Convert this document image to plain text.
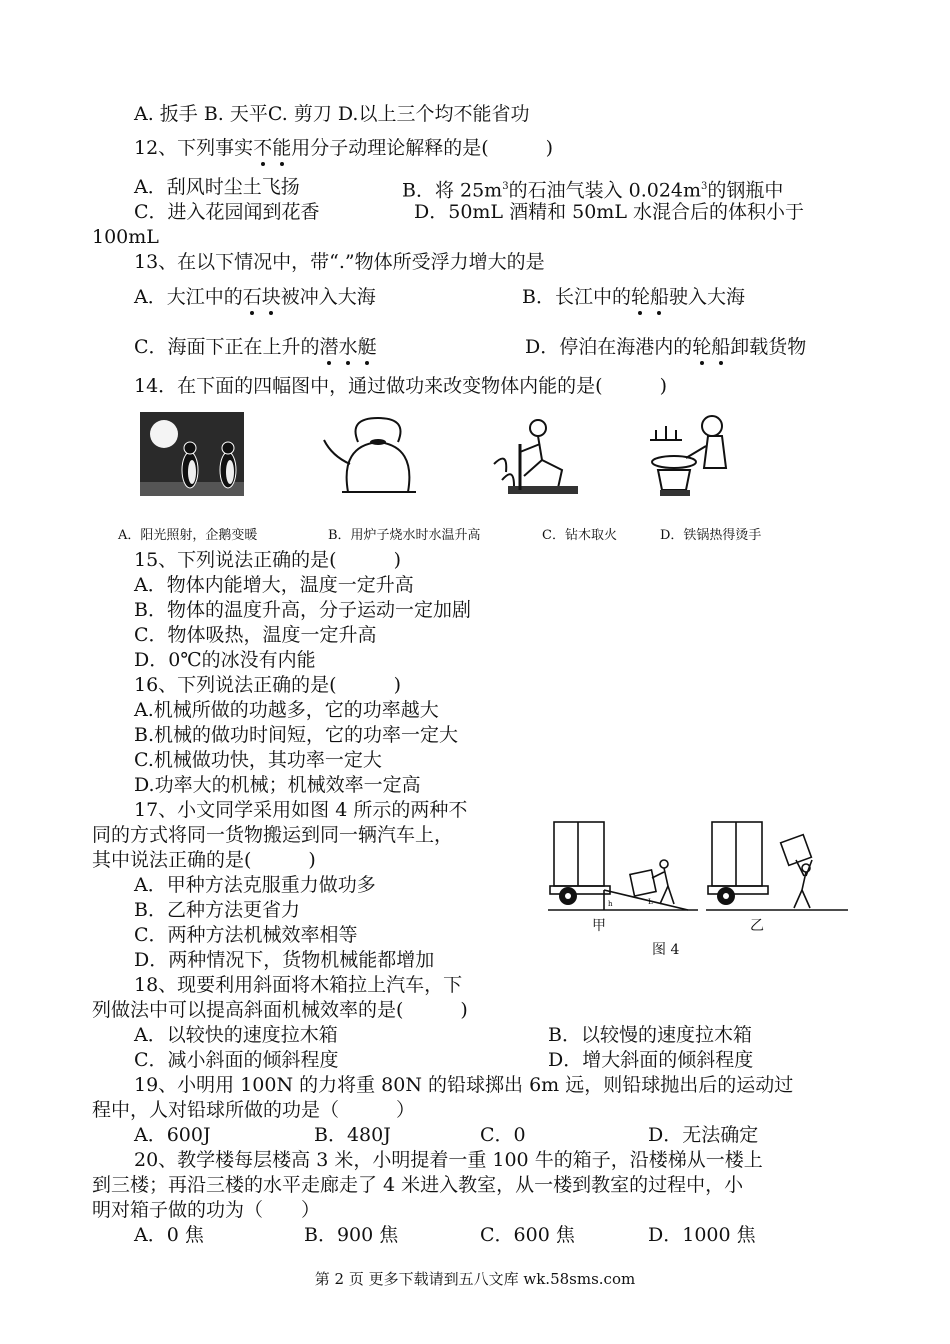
A. 扳手 B. 天平C. 剪刀 D.以上三个均不能省功
12、下列事实不能用分子动理论解释的是(　　　)
A．刮风时尘土飞扬	B．将 $25m^3$的石油气装入 $0.024m^3$的钢瓶中
C．进入花园闻到花香	D．50mL 酒精和 50mL 水混合后的体积小于
100mL
13、在以下情况中，带“.”物体所受浮力增大的是
A．大江中的石块被冲入大海	B．长江中的轮船驶入大海
C．海面下正在上升的潜水艇	D．停泊在海港内的轮船卸载货物
14．在下面的四幅图中，通过做功来改变物体内能的是(　　　)
A．阳光照射，企鹅变暖	B．用炉子烧水时水温升高	C．钻木取火	D．铁锅热得烫手
15、下列说法正确的是(　　　)
A．物体内能增大，温度一定升高
B．物体的温度升高，分子运动一定加剧
C．物体吸热，温度一定升高
D．0℃的冰没有内能
16、下列说法正确的是(　　　)
A.机械所做的功越多，它的功率越大
B.机械的做功时间短，它的功率一定大
C.机械做功快，其功率一定大
D.功率大的机械；机械效率一定高
17、小文同学采用如图 4 所示的两种不
同的方式将同一货物搬运到同一辆汽车上，
其中说法正确的是(　　　)
A．甲种方法克服重力做功多
B．乙种方法更省力
C．两种方法机械效率相等
D．两种情况下，货物机械能都增加
h	L
甲	乙
图 4
18、现要利用斜面将木箱拉上汽车，下
列做法中可以提高斜面机械效率的是(　　　)
A．以较快的速度拉木箱	B．以较慢的速度拉木箱
C．减小斜面的倾斜程度	D．增大斜面的倾斜程度
19、小明用 100N 的力将重 80N 的铅球掷出 6m 远，则铅球抛出后的运动过
程中，人对铅球所做的功是（　　　）
A．600J	B．480J	C．0	D．无法确定
20、教学楼每层楼高 3 米，小明提着一重 100 牛的箱子，沿楼梯从一楼上
到三楼；再沿三楼的水平走廊走了 4 米进入教室，从一楼到教室的过程中，小
明对箱子做的功为（　　）
A．0 焦	B．900 焦	C．600 焦	D．1000 焦
第 2 页 更多下载请到五八文库 wk.58sms.com
